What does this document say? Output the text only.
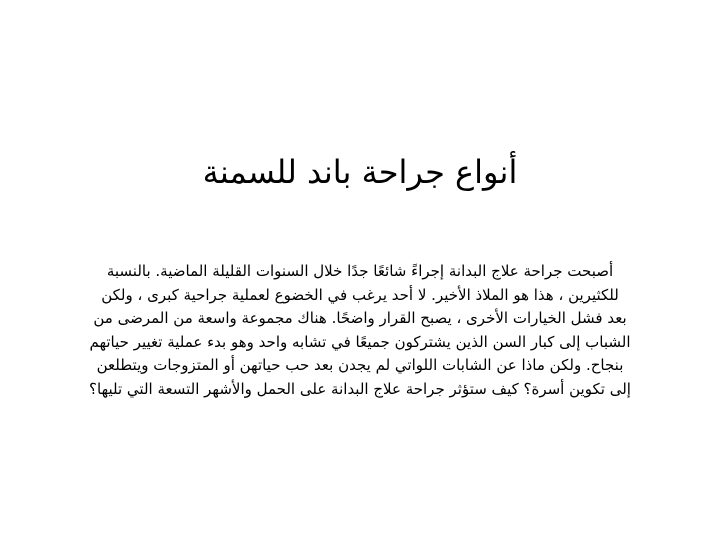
أنواع جراحة باند للسمنة
أصبحت جراحة علاج البدانة إجراءً شائعًا جدًا خلال السنوات القليلة الماضية. بالنسبة
للكثيرين ، هذا هو الملاذ الأخير. لا أحد يرغب في الخضوع لعملية جراحية كبرى ، ولكن
بعد فشل الخيارات الأخرى ، يصبح القرار واضحًا. هناك مجموعة واسعة من المرضى من
الشباب إلى كبار السن الذين يشتركون جميعًا في تشابه واحد وهو بدء عملية تغيير حياتهم
بنجاح. ولكن ماذا عن الشابات اللواتي لم يجدن بعد حب حياتهن أو المتزوجات ويتطلعن
إلى تكوين أسرة؟ كيف ستؤثر جراحة علاج البدانة على الحمل والأشهر التسعة التي تليها؟
